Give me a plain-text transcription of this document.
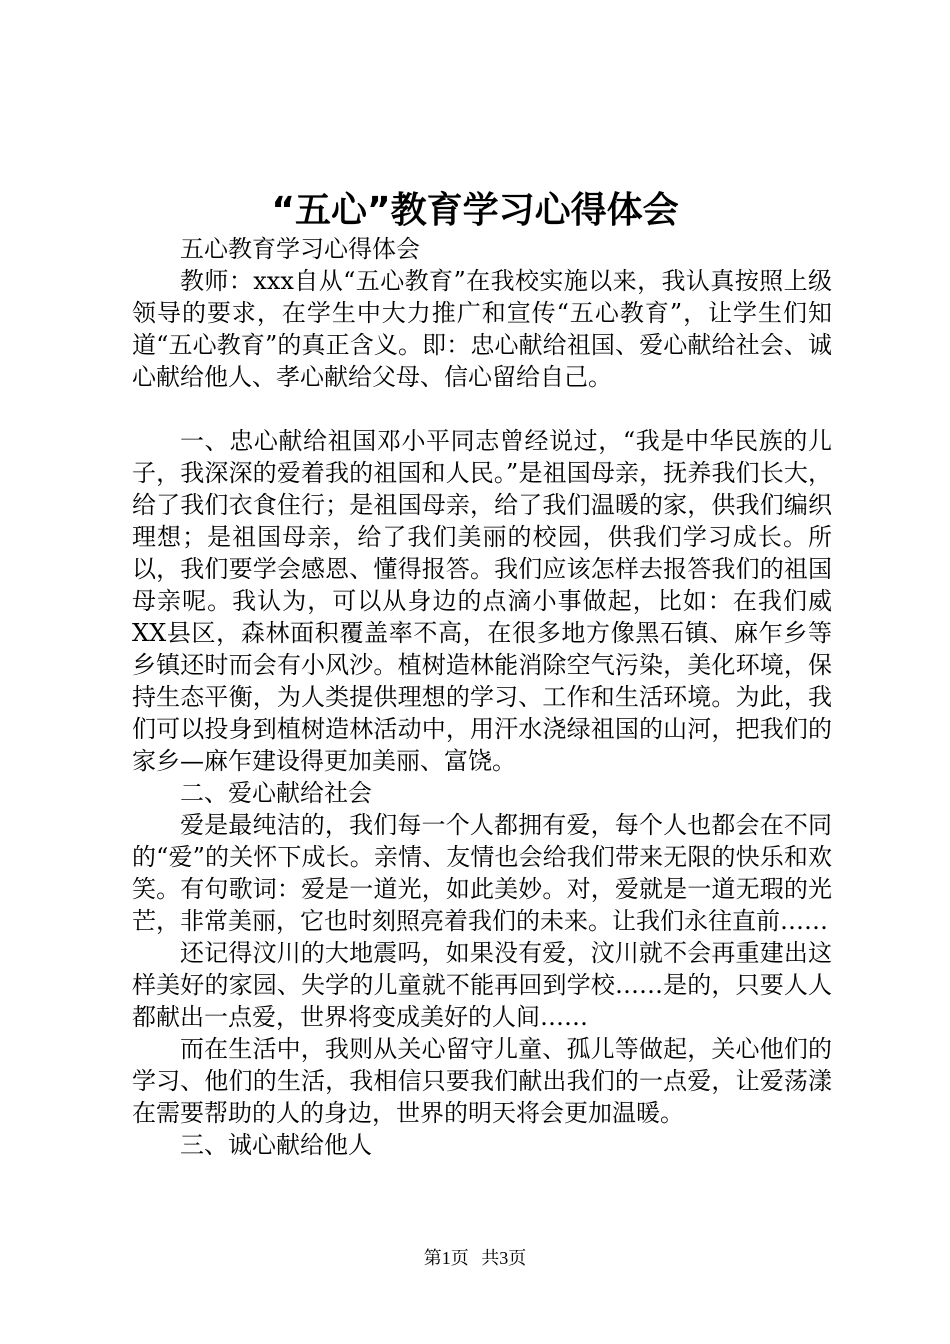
“五心”教育学习心得体会

五心教育学习心得体会

教师：xxx自从“五心教育”在我校实施以来，我认真按照上级领导的要求，在学生中大力推广和宣传“五心教育”，让学生们知道“五心教育”的真正含义。即：忠心献给祖国、爱心献给社会、诚心献给他人、孝心献给父母、信心留给自己。

一、忠心献给祖国邓小平同志曾经说过，“我是中华民族的儿子，我深深的爱着我的祖国和人民。”是祖国母亲，抚养我们长大，给了我们衣食住行；是祖国母亲，给了我们温暖的家，供我们编织理想；是祖国母亲，给了我们美丽的校园，供我们学习成长。所以，我们要学会感恩、懂得报答。我们应该怎样去报答我们的祖国母亲呢。我认为，可以从身边的点滴小事做起，比如：在我们威XX县区，森林面积覆盖率不高，在很多地方像黑石镇、麻乍乡等乡镇还时而会有小风沙。植树造林能消除空气污染，美化环境，保持生态平衡，为人类提供理想的学习、工作和生活环境。为此，我们可以投身到植树造林活动中，用汗水浇绿祖国的山河，把我们的家乡—麻乍建设得更加美丽、富饶。

二、爱心献给社会

爱是最纯洁的，我们每一个人都拥有爱，每个人也都会在不同的“爱”的关怀下成长。亲情、友情也会给我们带来无限的快乐和欢笑。有句歌词：爱是一道光，如此美妙。对，爱就是一道无瑕的光芒，非常美丽，它也时刻照亮着我们的未来。让我们永往直前……

还记得汶川的大地震吗，如果没有爱，汶川就不会再重建出这样美好的家园、失学的儿童就不能再回到学校……是的，只要人人都献出一点爱，世界将变成美好的人间……

而在生活中，我则从关心留守儿童、孤儿等做起，关心他们的学习、他们的生活，我相信只要我们献出我们的一点爱，让爱荡漾在需要帮助的人的身边，世界的明天将会更加温暖。

三、诚心献给他人

第1页 共3页
